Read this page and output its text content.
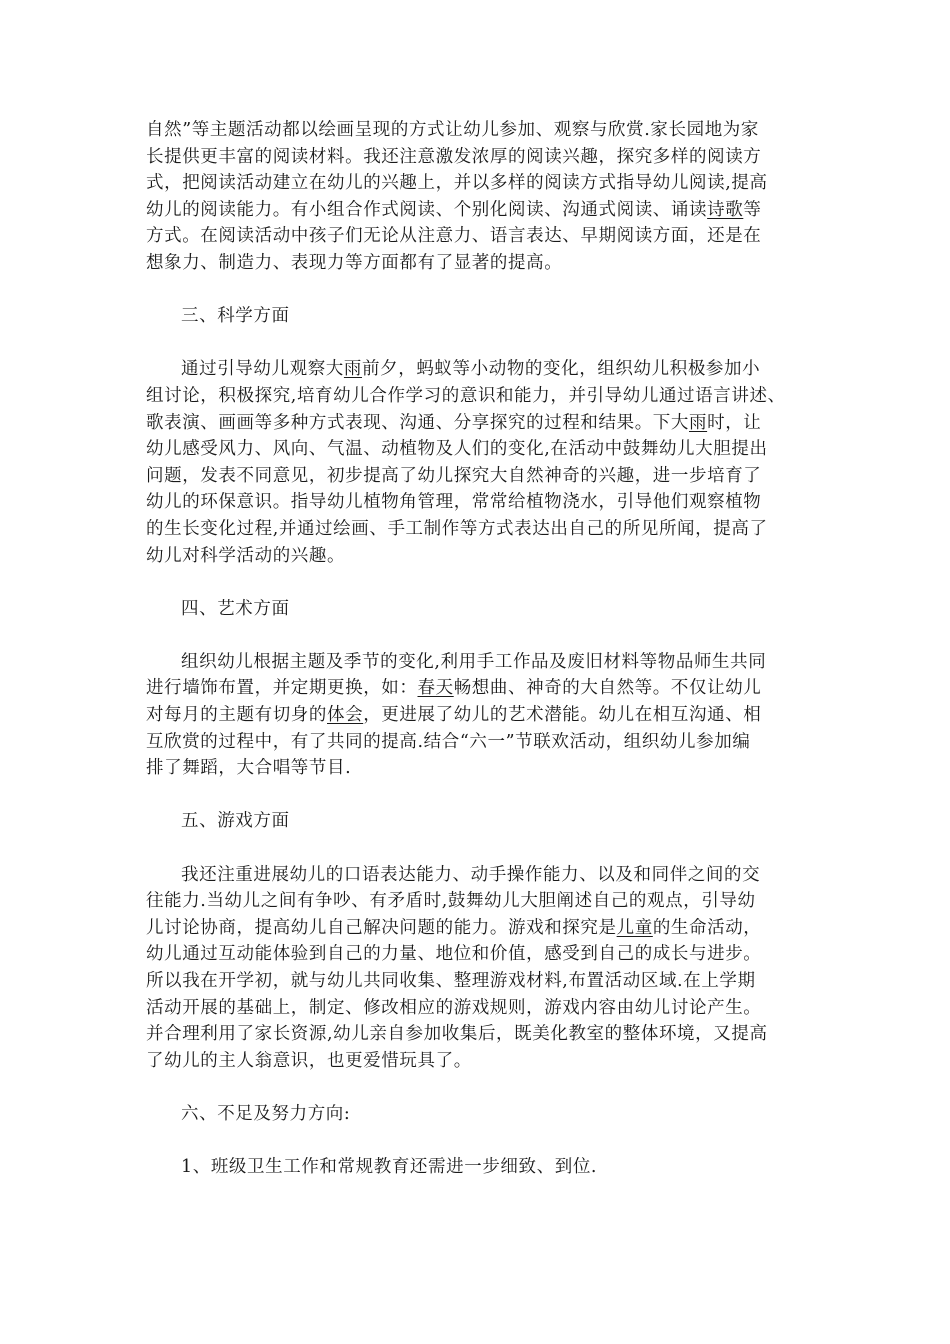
自然”等主题活动都以绘画呈现的方式让幼儿参加、观察与欣赏.家长园地为家
长提供更丰富的阅读材料。我还注意激发浓厚的阅读兴趣，探究多样的阅读方
式，把阅读活动建立在幼儿的兴趣上，并以多样的阅读方式指导幼儿阅读,提高
幼儿的阅读能力。有小组合作式阅读、个别化阅读、沟通式阅读、诵读诗歌等
方式。在阅读活动中孩子们无论从注意力、语言表达、早期阅读方面，还是在
想象力、制造力、表现力等方面都有了显著的提高。

三、科学方面

通过引导幼儿观察大雨前夕，蚂蚁等小动物的变化，组织幼儿积极参加小
组讨论，积极探究,培育幼儿合作学习的意识和能力，并引导幼儿通过语言讲述、
歌表演、画画等多种方式表现、沟通、分享探究的过程和结果。下大雨时，让
幼儿感受风力、风向、气温、动植物及人们的变化,在活动中鼓舞幼儿大胆提出
问题，发表不同意见，初步提高了幼儿探究大自然神奇的兴趣，进一步培育了
幼儿的环保意识。指导幼儿植物角管理，常常给植物浇水，引导他们观察植物
的生长变化过程,并通过绘画、手工制作等方式表达出自己的所见所闻，提高了
幼儿对科学活动的兴趣。

四、艺术方面

组织幼儿根据主题及季节的变化,利用手工作品及废旧材料等物品师生共同
进行墙饰布置，并定期更换，如：春天畅想曲、神奇的大自然等。不仅让幼儿
对每月的主题有切身的体会，更进展了幼儿的艺术潜能。幼儿在相互沟通、相
互欣赏的过程中，有了共同的提高.结合“六一”节联欢活动，组织幼儿参加编
排了舞蹈，大合唱等节目.

五、游戏方面

我还注重进展幼儿的口语表达能力、动手操作能力、以及和同伴之间的交
往能力.当幼儿之间有争吵、有矛盾时,鼓舞幼儿大胆阐述自己的观点，引导幼
儿讨论协商，提高幼儿自己解决问题的能力。游戏和探究是儿童的生命活动，
幼儿通过互动能体验到自己的力量、地位和价值，感受到自己的成长与进步。
所以我在开学初，就与幼儿共同收集、整理游戏材料,布置活动区域.在上学期
活动开展的基础上，制定、修改相应的游戏规则，游戏内容由幼儿讨论产生。
并合理利用了家长资源,幼儿亲自参加收集后，既美化教室的整体环境，又提高
了幼儿的主人翁意识，也更爱惜玩具了。

六、不足及努力方向:

1、班级卫生工作和常规教育还需进一步细致、到位.
